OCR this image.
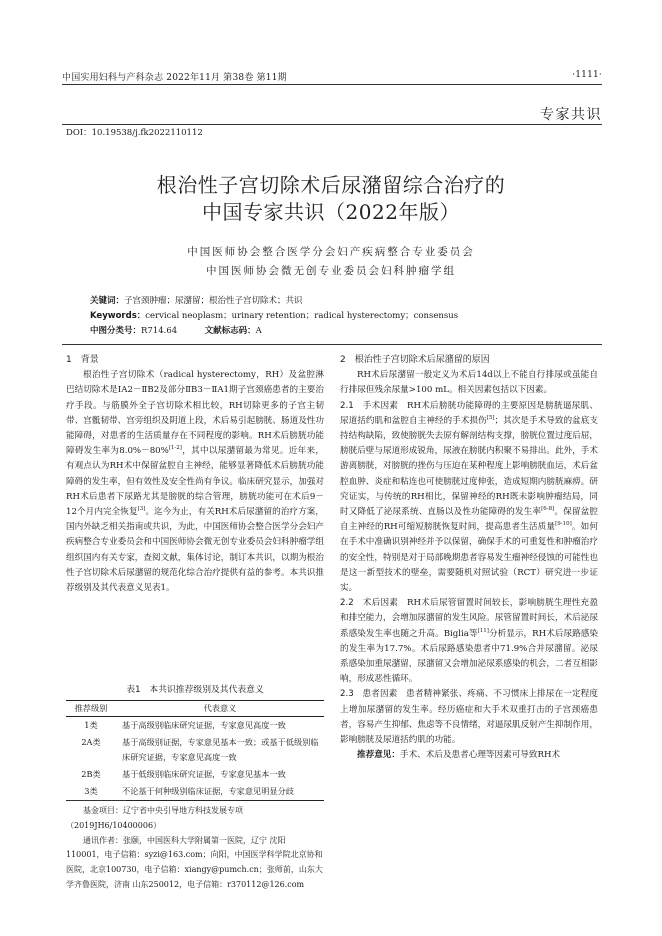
中国实用妇科与产科杂志 2022年11月 第38卷 第11期	·1111·
专家共识
DOI：10.19538/j.fk2022110112
根治性子宫切除术后尿潴留综合治疗的
中国专家共识（2022年版）
中国医师协会整合医学分会妇产疾病整合专业委员会
中国医师协会微无创专业委员会妇科肿瘤学组
关键词：子宫颈肿瘤；尿潴留；根治性子宫切除术；共识
Keywords：cervical neoplasm；urinary retention；radical hysterectomy；consensus
中图分类号：R714.64	文献标志码：A

1　背景

根治性子宫切除术（radical hysterectomy，RH）及盆腔淋巴结切除术是ⅠA2－ⅡB2及部分ⅡB3－ⅡA1期子宫颈癌患者的主要治疗手段。与筋膜外全子宫切除术相比较，RH切除更多的子宫主韧带、宫骶韧带、宫旁组织及阴道上段，术后易引起膀胱、肠道及性功能障碍，对患者的生活质量存在不同程度的影响。RH术后膀胱功能障碍发生率为8.0%－80%[1-2]，其中以尿潴留最为常见。近年来，有观点认为RH术中保留盆腔自主神经，能够显著降低术后膀胱功能障碍的发生率，但有效性及安全性尚有争议。临床研究显示，加强对RH术后患者下尿路尤其是膀胱的综合管理，膀胱功能可在术后9－12个月内完全恢复[3]。迄今为止，有关RH术后尿潴留的治疗方案，国内外缺乏相关指南或共识，为此，中国医师协会整合医学分会妇产疾病整合专业委员会和中国医师协会微无创专业委员会妇科肿瘤学组组织国内有关专家，查阅文献，集体讨论，制订本共识，以期为根治性子宫切除术后尿潴留的规范化综合治疗提供有益的参考。本共识推荐级别及其代表意义见表1。

表1　本共识推荐级别及其代表意义
推荐级别	代表意义
1类	基于高级别临床研究证据，专家意见高度一致
2A类	基于高级别证据，专家意见基本一致；或基于低级别临床研究证据，专家意见高度一致
2B类	基于低级别临床研究证据，专家意见基本一致
3类	不论基于何种级别临床证据，专家意见明显分歧

基金项目：辽宁省中央引导地方科技发展专项（2019JH6/10400006）

通讯作者：张颐，中国医科大学附属第一医院，辽宁 沈阳110001，电子信箱：syzi@163.com；向阳，中国医学科学院北京协和医院，北京100730，电子信箱：xiangy@pumch.cn；张师前，山东大学齐鲁医院，济南 山东250012，电子信箱：r370112@126.com

2　根治性子宫切除术后尿潴留的原因

RH术后尿潴留一般定义为术后14d以上不能自行排尿或虽能自行排尿但残余尿量>100 mL。相关因素包括以下因素。

2.1　手术因素　 RH术后膀胱功能障碍的主要原因是膀胱逼尿肌、尿道括约肌和盆腔自主神经的手术损伤[5]；其次是手术导致的盆底支持结构缺陷，致使膀胱失去原有解剖结构支撑，膀胱位置过度后屈，膀胱后壁与尿道形成锐角，尿液在膀胱内积聚不易排出。此外，手术游离膀胱，对膀胱的挫伤与压迫在某种程度上影响膀胱血运，术后盆腔血肿、炎症和粘连也可使膀胱过度伸张，造成短期内膀胱麻痹。研究证实，与传统的RH相比，保留神经的RH既未影响肿瘤结局，同时又降低了泌尿系统、直肠以及性功能障碍的发生率[6-8]。保留盆腔自主神经的RH可缩短膀胱恢复时间，提高患者生活质量[9-10]。如何在手术中准确识别神经并予以保留，确保手术的可重复性和肿瘤治疗的安全性，特别是对于局部晚期患者容易发生瘤神经侵蚀的可能性也是这一新型技术的壁垒，需要随机对照试验（RCT）研究进一步证实。

2.2　术后因素　 RH术后尿管留置时间较长，影响膀胱生理性充盈和排空能力，会增加尿潴留的发生风险。尿管留置时间长，术后泌尿系感染发生率也随之升高。Biglia等[11]分析显示，RH术后尿路感染的发生率为17.7%。术后尿路感染患者中71.9%合并尿潴留。泌尿系感染加重尿潴留，尿潴留又会增加泌尿系感染的机会，二者互相影响，形成恶性循环。

2.3　患者因素　 患者精神紧张、疼痛、不习惯床上排尿在一定程度上增加尿潴留的发生率。经历癌症和大手术双重打击的子宫颈癌患者，容易产生抑郁、焦虑等不良情绪，对逼尿肌反射产生抑制作用，影响膀胱及尿道括约肌的功能。

推荐意见：手术、术后及患者心理等因素可导致RH术
